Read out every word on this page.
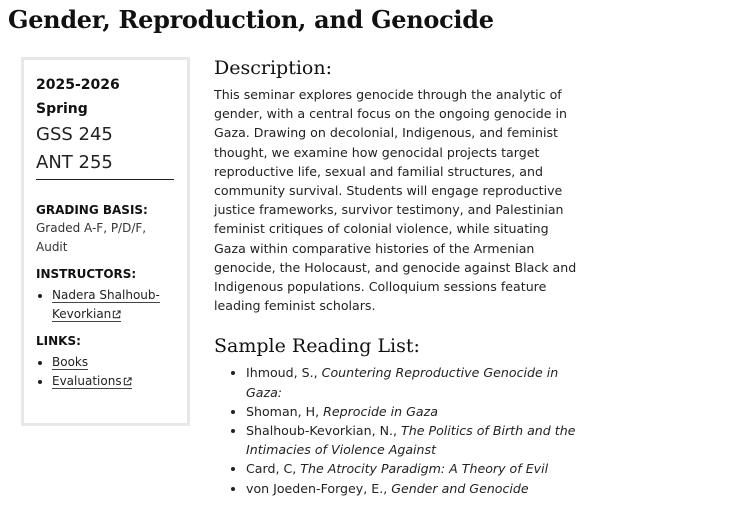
Gender, Reproduction, and Genocide
2025-2026
Spring
GSS 245
ANT 255
GRADING BASIS:
Graded A-F, P/D/F, Audit
INSTRUCTORS:
• Nadera Shalhoub-Kevorkian
LINKS:
• Books
• Evaluations
Description:

This seminar explores genocide through the analytic of gender, with a central focus on the ongoing genocide in Gaza. Drawing on decolonial, Indigenous, and feminist thought, we examine how genocidal projects target reproductive life, sexual and familial structures, and community survival. Students will engage reproductive justice frameworks, survivor testimony, and Palestinian feminist critiques of colonial violence, while situating Gaza within comparative histories of the Armenian genocide, the Holocaust, and genocide against Black and Indigenous populations. Colloquium sessions feature leading feminist scholars.

Sample Reading List:
• Ihmoud, S., Countering Reproductive Genocide in Gaza:
• Shoman, H, Reprocide in Gaza
• Shalhoub-Kevorkian, N., The Politics of Birth and the Intimacies of Violence Against
• Card, C, The Atrocity Paradigm: A Theory of Evil
• von Joeden-Forgey, E., Gender and Genocide
